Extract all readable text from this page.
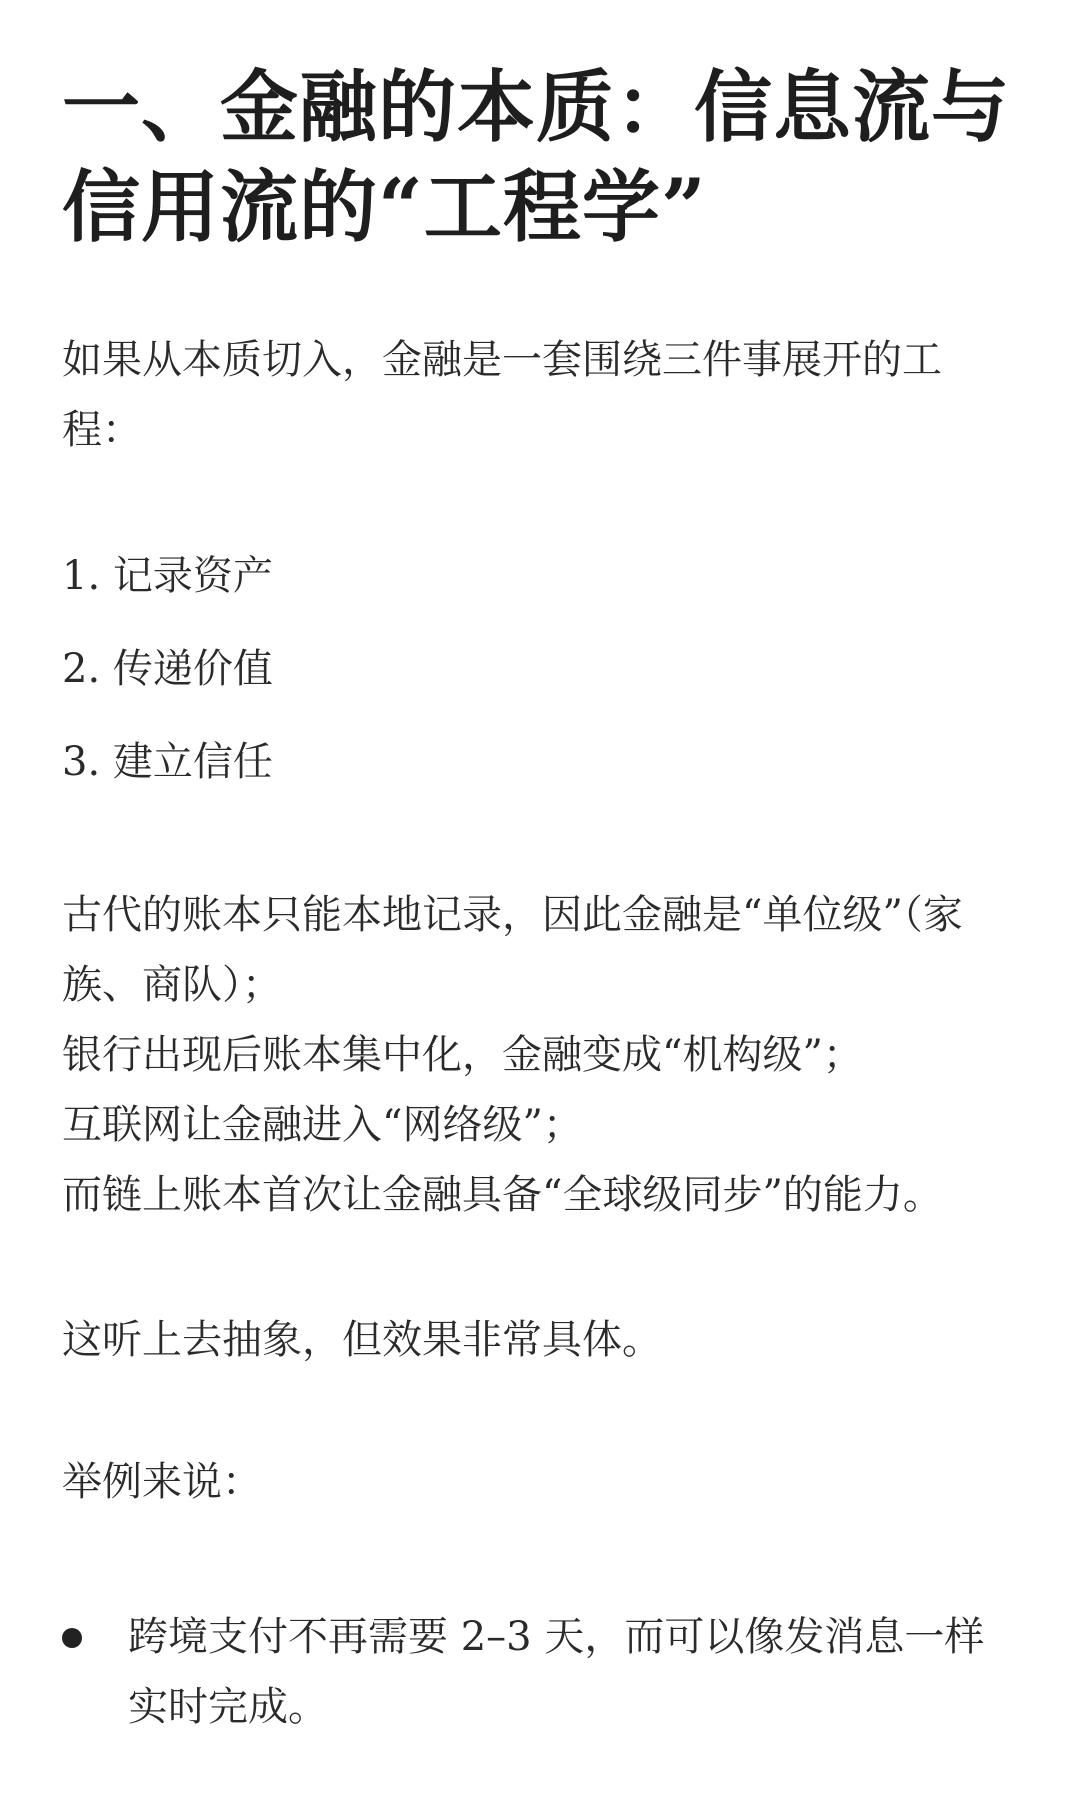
一、金融的本质：信息流与
信用流的“工程学”

如果从本质切入，金融是一套围绕三件事展开的工
程：

1. 记录资产

2. 传递价值

3. 建立信任

古代的账本只能本地记录，因此金融是“单位级”（家
族、商队）；
银行出现后账本集中化，金融变成“机构级”；
互联网让金融进入“网络级”；
而链上账本首次让金融具备“全球级同步”的能力。

这听上去抽象，但效果非常具体。

举例来说：

跨境支付不再需要 2–3 天，而可以像发消息一样
实时完成。
